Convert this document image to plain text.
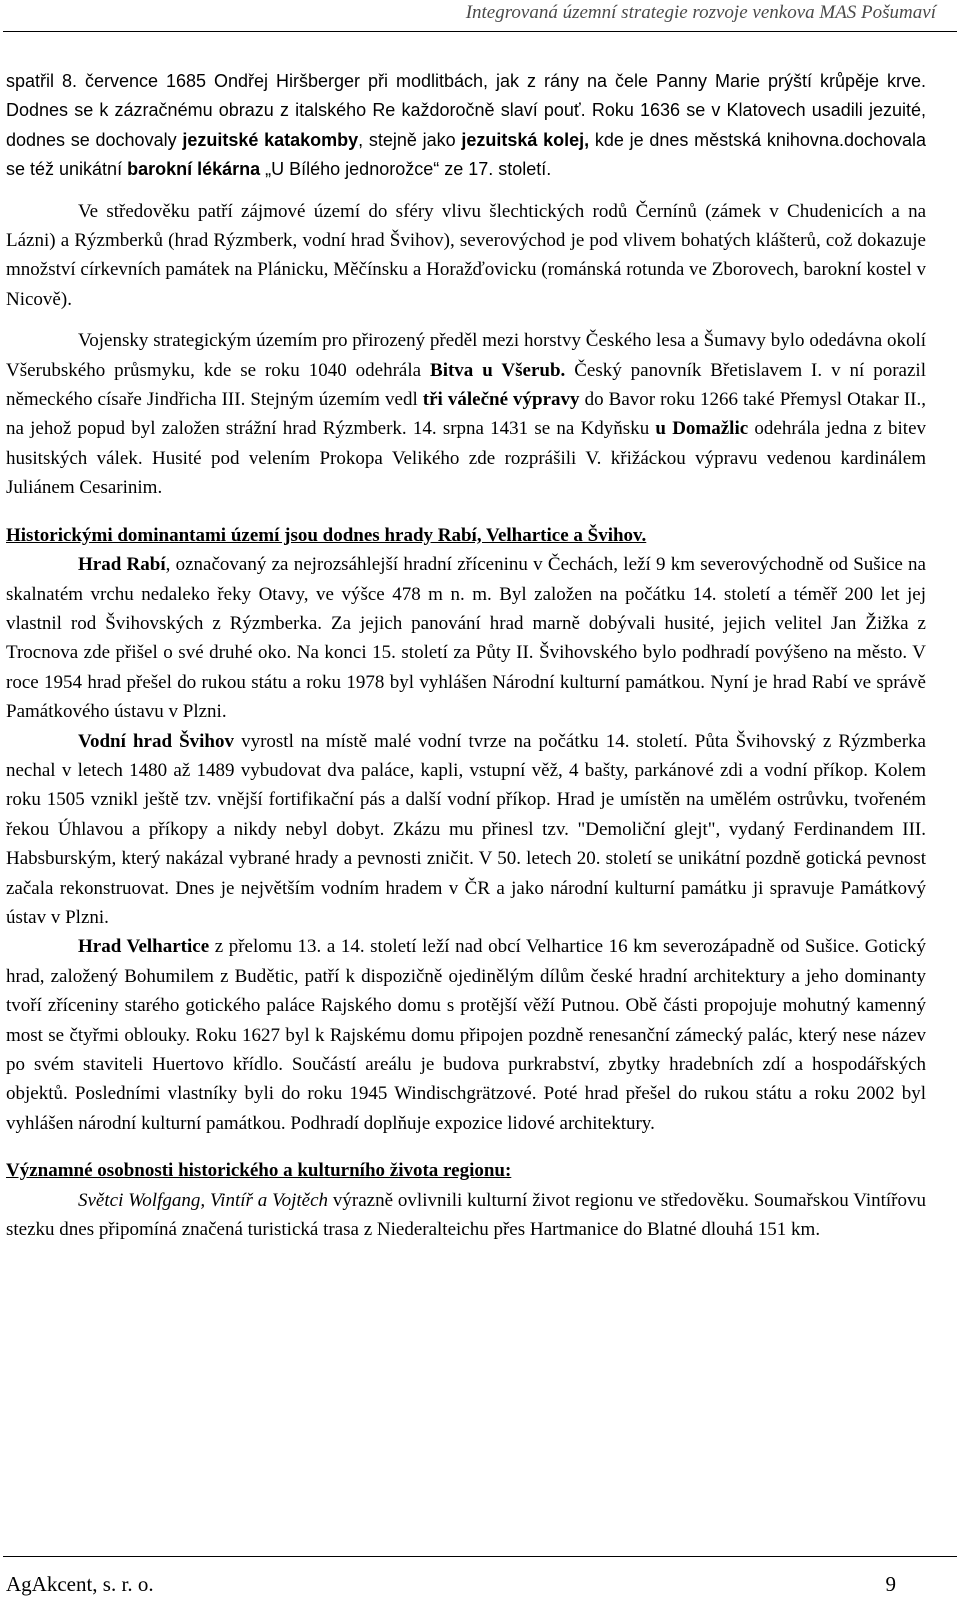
Integrovaná územní strategie rozvoje venkova MAS Pošumaví

spatřil 8. července 1685 Ondřej Hiršberger při modlitbách, jak z rány na čele Panny Marie prýští krůpěje krve. Dodnes se k zázračnému obrazu z italského Re každoročně slaví pouť. Roku 1636 se v Klatovech usadili jezuité, dodnes se dochovaly jezuitské katakomby, stejně jako jezuitská kolej, kde je dnes městská knihovna.dochovala se též unikátní barokní lékárna „U Bílého jednorožce“ ze 17. století.

Ve středověku patří zájmové území do sféry vlivu šlechtických rodů Černínů (zámek v Chudenicích a na Lázni) a Rýzmberků (hrad Rýzmberk, vodní hrad Švihov), severovýchod je pod vlivem bohatých klášterů, což dokazuje množství církevních památek na Plánicku, Měčínsku a Horažďovicku (románská rotunda ve Zborovech, barokní kostel v Nicově).

Vojensky strategickým územím pro přirozený předěl mezi horstvy Českého lesa a Šumavy bylo odedávna okolí Všerubského průsmyku, kde se roku 1040 odehrála Bitva u Všerub. Český panovník Břetislavem I. v ní porazil německého císaře Jindřicha III. Stejným územím vedl tři válečné výpravy do Bavor roku 1266 také Přemysl Otakar II., na jehož popud byl založen strážní hrad Rýzmberk. 14. srpna 1431 se na Kdyňsku u Domažlic odehrála jedna z bitev husitských válek. Husité pod velením Prokopa Velikého zde rozprášili V. křižáckou výpravu vedenou kardinálem Juliánem Cesarinim.

Historickými dominantami území jsou dodnes hrady Rabí, Velhartice a Švihov.

Hrad Rabí, označovaný za nejrozsáhlejší hradní zříceninu v Čechách, leží 9 km severovýchodně od Sušice na skalnatém vrchu nedaleko řeky Otavy, ve výšce 478 m n. m. Byl založen na počátku 14. století a téměř 200 let jej vlastnil rod Švihovských z Rýzmberka. Za jejich panování hrad marně dobývali husité, jejich velitel Jan Žižka z Trocnova zde přišel o své druhé oko. Na konci 15. století za Půty II. Švihovského bylo podhradí povýšeno na město. V roce 1954 hrad přešel do rukou státu a roku 1978 byl vyhlášen Národní kulturní památkou. Nyní je hrad Rabí ve správě Památkového ústavu v Plzni.

Vodní hrad Švihov vyrostl na místě malé vodní tvrze na počátku 14. století. Půta Švihovský z Rýzmberka nechal v letech 1480 až 1489 vybudovat dva paláce, kapli, vstupní věž, 4 bašty, parkánové zdi a vodní příkop. Kolem roku 1505 vznikl ještě tzv. vnější fortifikační pás a další vodní příkop. Hrad je umístěn na umělém ostrůvku, tvořeném řekou Úhlavou a příkopy a nikdy nebyl dobyt. Zkázu mu přinesl tzv. "Demoliční glejt", vydaný Ferdinandem III. Habsburským, který nakázal vybrané hrady a pevnosti zničit. V 50. letech 20. století se unikátní pozdně gotická pevnost začala rekonstruovat. Dnes je největším vodním hradem v ČR a jako národní kulturní památku ji spravuje Památkový ústav v Plzni.

Hrad Velhartice z přelomu 13. a 14. století leží nad obcí Velhartice 16 km severozápadně od Sušice. Gotický hrad, založený Bohumilem z Budětic, patří k dispozičně ojedinělým dílům české hradní architektury a jeho dominanty tvoří zříceniny starého gotického paláce Rajského domu s protější věží Putnou. Obě části propojuje mohutný kamenný most se čtyřmi oblouky. Roku 1627 byl k Rajskému domu připojen pozdně renesanční zámecký palác, který nese název po svém staviteli Huertovo křídlo. Součástí areálu je budova purkrabství, zbytky hradebních zdí a hospodářských objektů. Posledními vlastníky byli do roku 1945 Windischgrätzové. Poté hrad přešel do rukou státu a roku 2002 byl vyhlášen národní kulturní památkou. Podhradí doplňuje expozice lidové architektury.

Významné osobnosti historického a kulturního života regionu:

Světci Wolfgang, Vintíř a Vojtěch výrazně ovlivnili kulturní život regionu ve středověku. Soumařskou Vintířovu stezku dnes připomíná značená turistická trasa z Niederalteichu přes Hartmanice do Blatné dlouhá 151 km.

AgAkcent, s. r. o.	9
